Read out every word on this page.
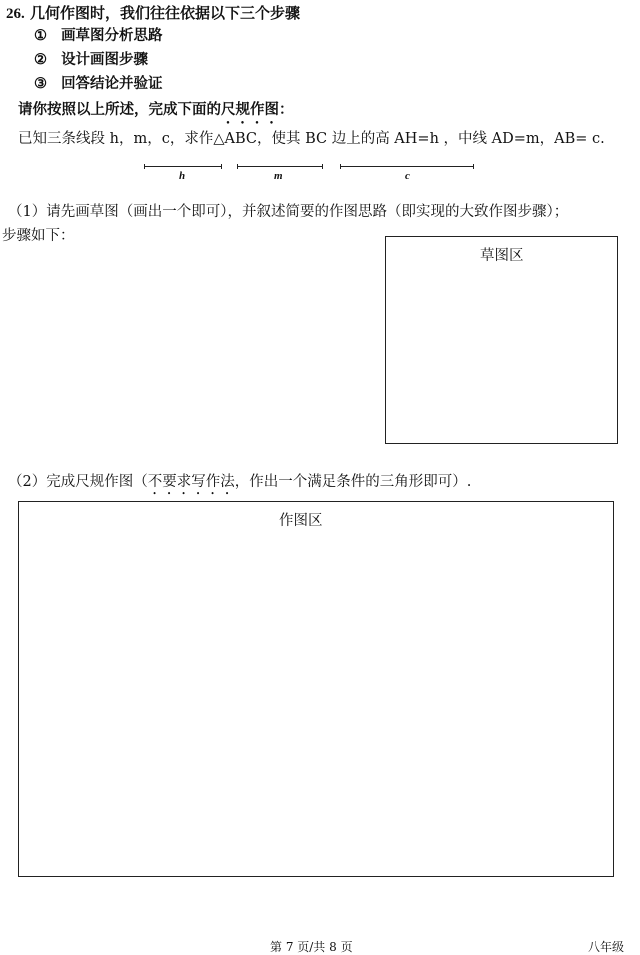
26. 几何作图时，我们往往依据以下三个步骤
① 画草图分析思路
② 设计画图步骤
③ 回答结论并验证
请你按照以上所述，完成下面的尺规作图：
已知三条线段 h，m，c，求作△ABC，使其 BC 边上的高 AH=h ，中线 AD=m，AB= c.
h	m	c
（1）请先画草图（画出一个即可），并叙述简要的作图思路（即实现的大致作图步骤）；
步骤如下：
草图区
（2）完成尺规作图（不要求写作法，作出一个满足条件的三角形即可）.
作图区
第 7 页/共 8 页	八年级
